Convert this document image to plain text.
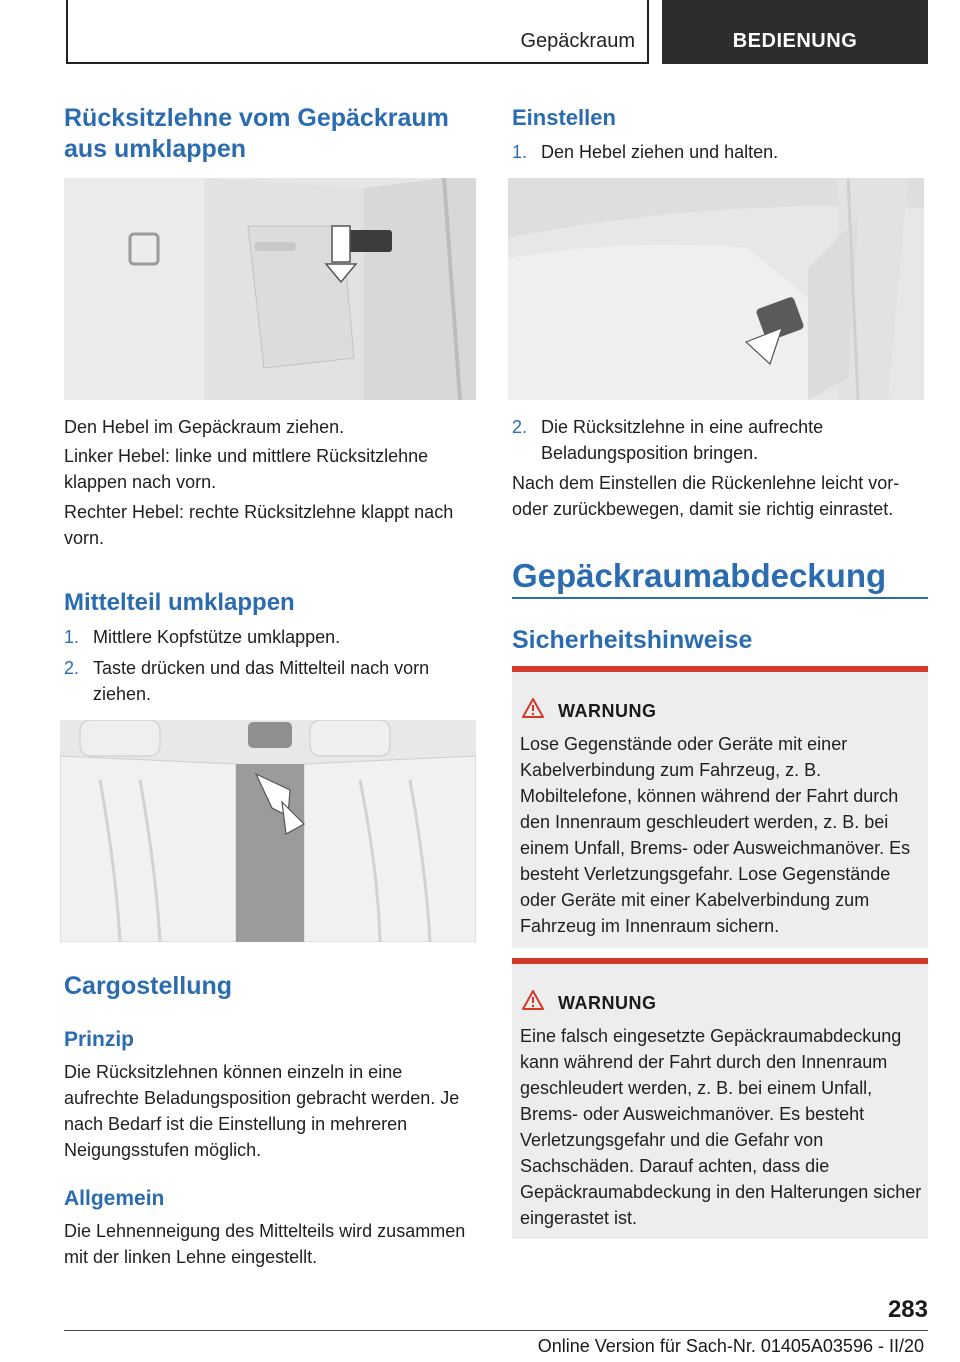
Gepäckraum	BEDIENUNG
Rücksitzlehne vom Gepäckraum aus umklappen
Den Hebel im Gepäckraum ziehen.
Linker Hebel: linke und mittlere Rücksitzlehne klappen nach vorn.
Rechter Hebel: rechte Rücksitzlehne klappt nach vorn.
Mittelteil umklappen
1. Mittlere Kopfstütze umklappen.
2. Taste drücken und das Mittelteil nach vorn ziehen.
Cargostellung
Prinzip
Die Rücksitzlehnen können einzeln in eine aufrechte Beladungsposition gebracht werden. Je nach Bedarf ist die Einstellung in mehreren Neigungsstufen möglich.
Allgemein
Die Lehnenneigung des Mittelteils wird zusammen mit der linken Lehne eingestellt.
Einstellen
1. Den Hebel ziehen und halten.
2. Die Rücksitzlehne in eine aufrechte Beladungsposition bringen.
Nach dem Einstellen die Rückenlehne leicht vor- oder zurückbewegen, damit sie richtig einrastet.
Gepäckraumabdeckung
Sicherheitshinweise
WARNUNG
Lose Gegenstände oder Geräte mit einer Kabelverbindung zum Fahrzeug, z. B. Mobiltelefone, können während der Fahrt durch den Innenraum geschleudert werden, z. B. bei einem Unfall, Brems- oder Ausweichmanöver. Es besteht Verletzungsgefahr. Lose Gegenstände oder Geräte mit einer Kabelverbindung zum Fahrzeug im Innenraum sichern.
WARNUNG
Eine falsch eingesetzte Gepäckraumabdeckung kann während der Fahrt durch den Innenraum geschleudert werden, z. B. bei einem Unfall, Brems- oder Ausweichmanöver. Es besteht Verletzungsgefahr und die Gefahr von Sachschäden. Darauf achten, dass die Gepäckraumabdeckung in den Halterungen sicher eingerastet ist.
283
Online Version für Sach-Nr. 01405A03596 - II/20
